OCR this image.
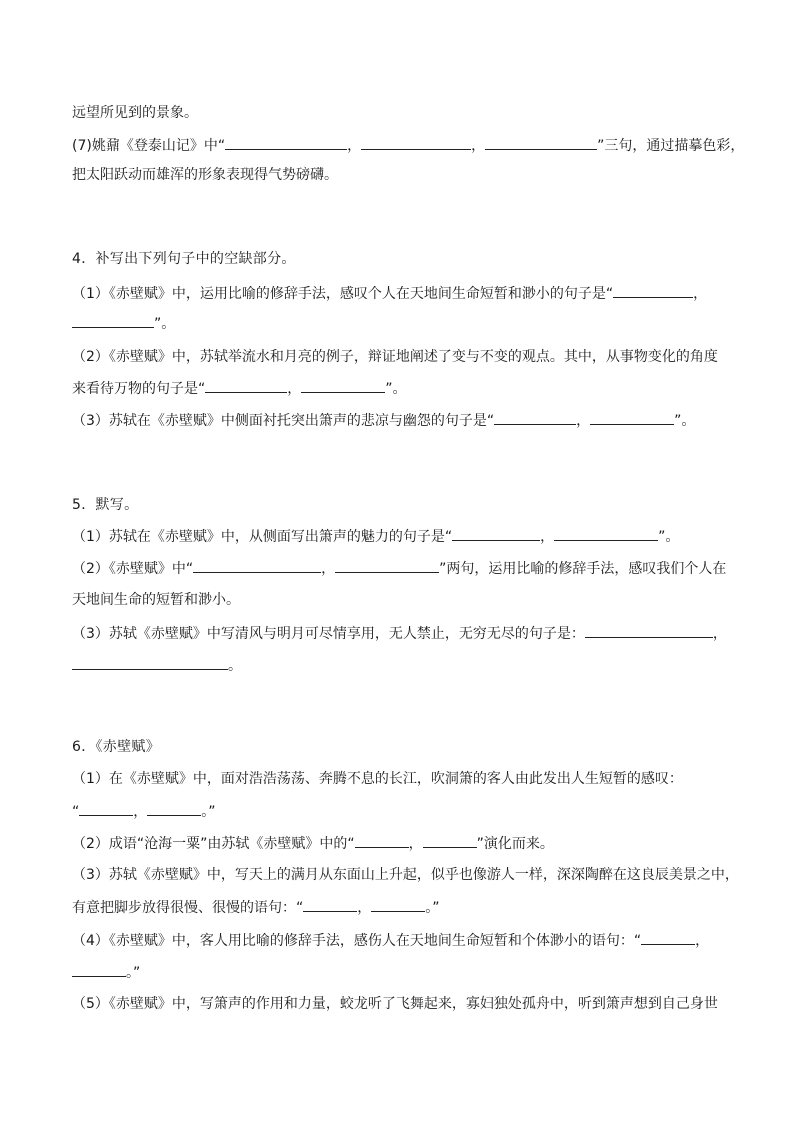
远望所见到的景象。
(7)姚鼐《登泰山记》中“	，	，	”三句，通过描摹色彩，
把太阳跃动而雄浑的形象表现得气势磅礴。
4．补写出下列句子中的空缺部分。
（1）《赤壁赋》中，运用比喻的修辞手法，感叹个人在天地间生命短暂和渺小的句子是“	，
”。
（2）《赤壁赋》中，苏轼举流水和月亮的例子，辩证地阐述了变与不变的观点。其中，从事物变化的角度
来看待万物的句子是“	，	”。
（3）苏轼在《赤壁赋》中侧面衬托突出箫声的悲凉与幽怨的句子是“	，	”。
5．默写。
（1）苏轼在《赤壁赋》中，从侧面写出箫声的魅力的句子是“	，	”。
（2）《赤壁赋》中“	，	”两句，运用比喻的修辞手法，感叹我们个人在
天地间生命的短暂和渺小。
（3）苏轼《赤壁赋》中写清风与明月可尽情享用，无人禁止，无穷无尽的句子是：	，
。
6．《赤壁赋》
（1）在《赤壁赋》中，面对浩浩荡荡、奔腾不息的长江，吹洞箫的客人由此发出人生短暂的感叹：
“	，	。”
（2）成语“沧海一粟”由苏轼《赤壁赋》中的“	，	”演化而来。
（3）苏轼《赤壁赋》中，写天上的满月从东面山上升起，似乎也像游人一样，深深陶醉在这良辰美景之中，
有意把脚步放得很慢、很慢的语句：“	，	。”
（4）《赤壁赋》中，客人用比喻的修辞手法，感伤人在天地间生命短暂和个体渺小的语句：“	，
。”
（5）《赤壁赋》中，写箫声的作用和力量，蛟龙听了飞舞起来，寡妇独处孤舟中，听到箫声想到自己身世
